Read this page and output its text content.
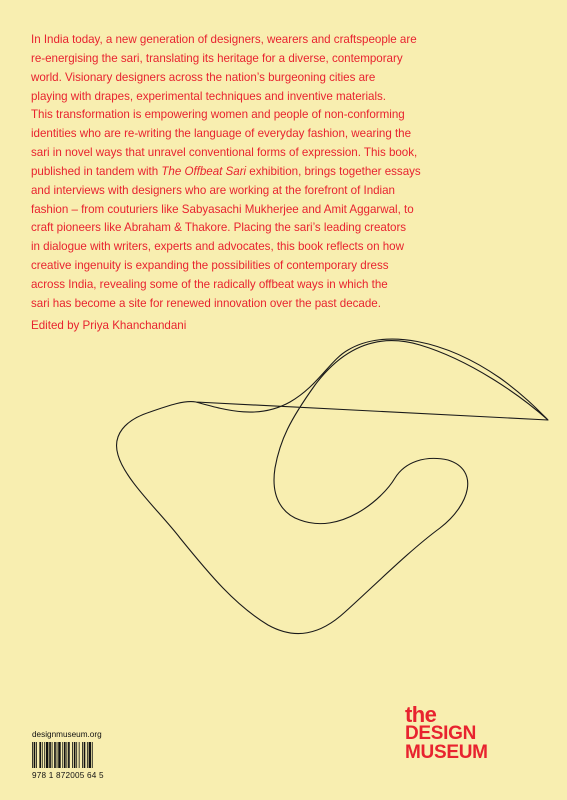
In India today, a new generation of designers, wearers and craftspeople are
re-energising the sari, translating its heritage for a diverse, contemporary
world. Visionary designers across the nation’s burgeoning cities are
playing with drapes, experimental techniques and inventive materials.
This transformation is empowering women and people of non-conforming
identities who are re-writing the language of everyday fashion, wearing the
sari in novel ways that unravel conventional forms of expression. This book,
published in tandem with The Offbeat Sari exhibition, brings together essays
and interviews with designers who are working at the forefront of Indian
fashion – from couturiers like Sabyasachi Mukherjee and Amit Aggarwal, to
craft pioneers like Abraham & Thakore. Placing the sari’s leading creators
in dialogue with writers, experts and advocates, this book reflects on how
creative ingenuity is expanding the possibilities of contemporary dress
across India, revealing some of the radically offbeat ways in which the
sari has become a site for renewed innovation over the past decade.
Edited by Priya Khanchandani
designmuseum.org
978 1 872005 64 5
the
DESIGN
MUSEUM
